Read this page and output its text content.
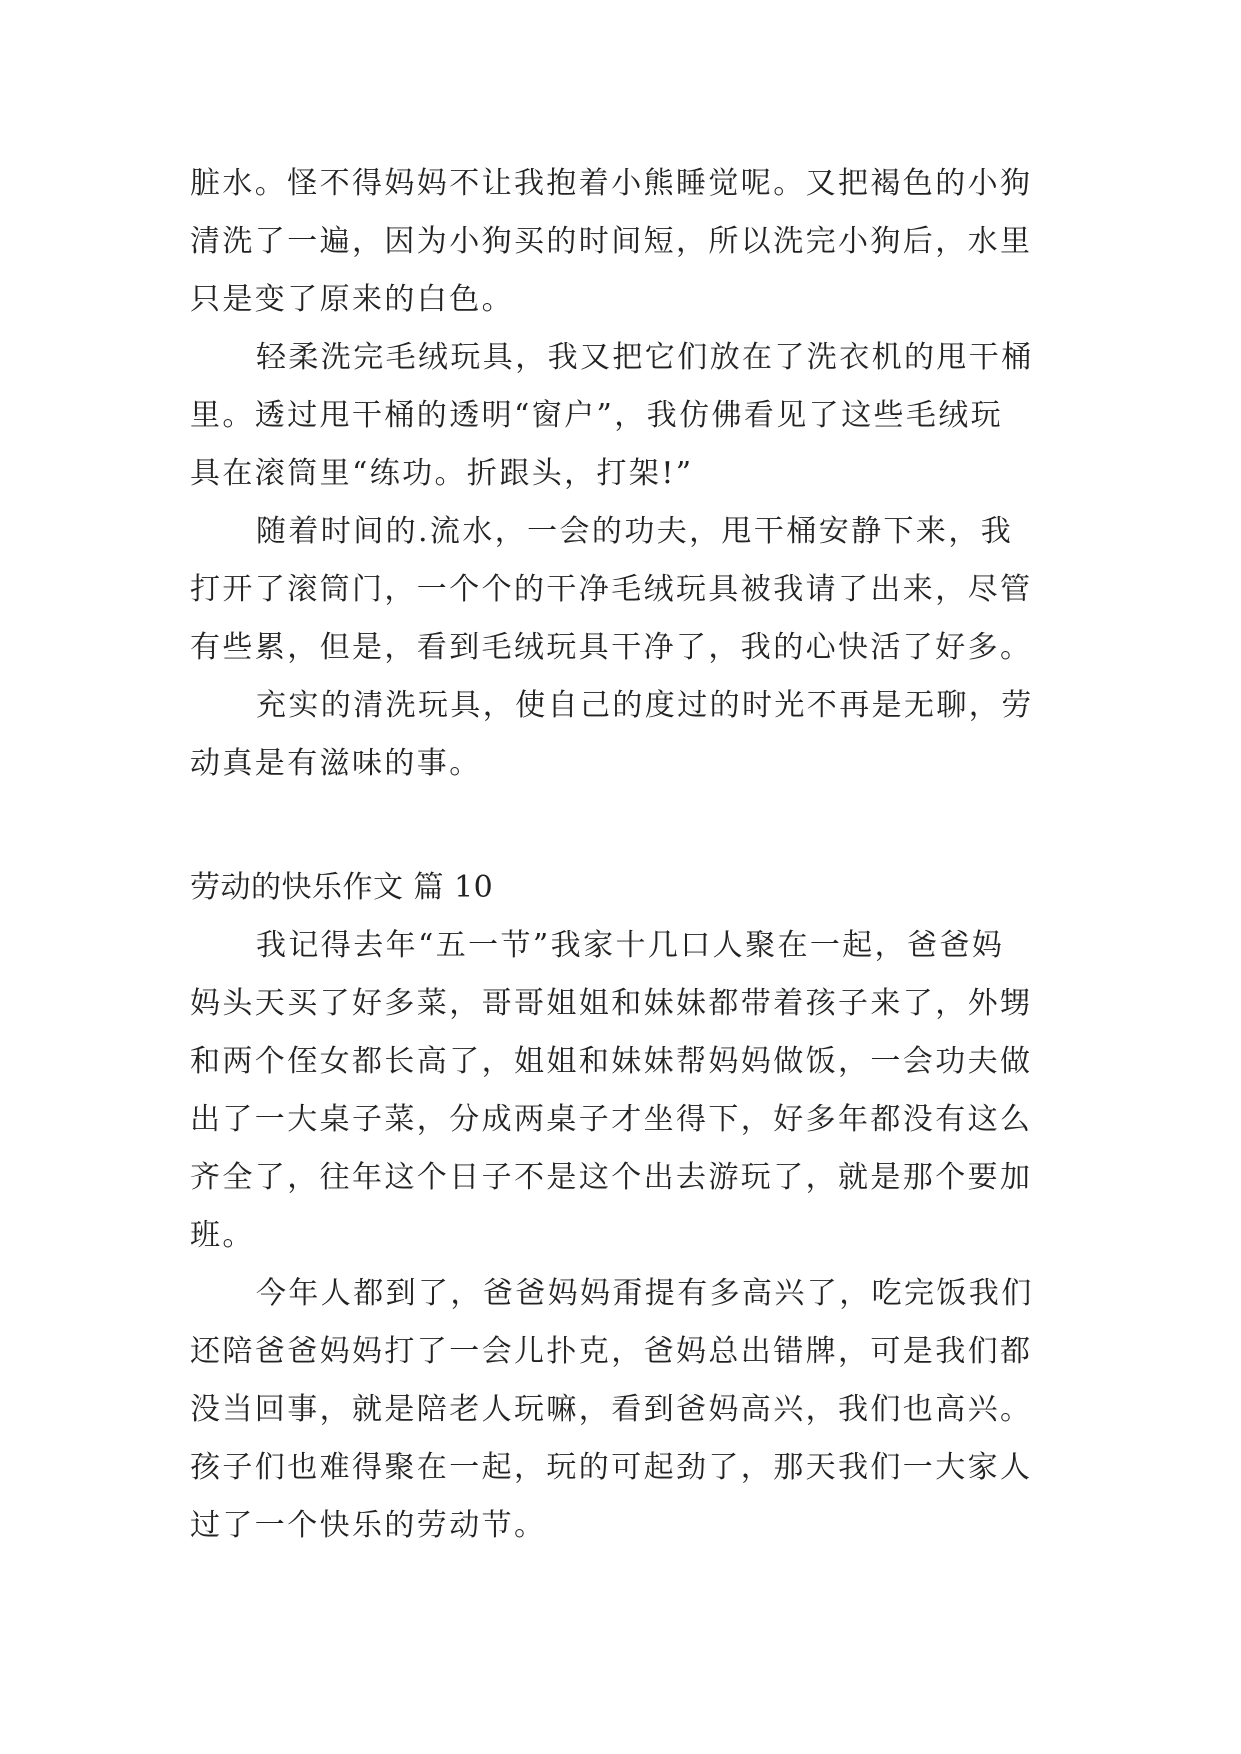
脏水。怪不得妈妈不让我抱着小熊睡觉呢。又把褐色的小狗
清洗了一遍，因为小狗买的时间短，所以洗完小狗后，水里
只是变了原来的白色。
轻柔洗完毛绒玩具，我又把它们放在了洗衣机的甩干桶
里。透过甩干桶的透明“窗户”，我仿佛看见了这些毛绒玩
具在滚筒里“练功。折跟头，打架!”
随着时间的.流水，一会的功夫，甩干桶安静下来，我
打开了滚筒门，一个个的干净毛绒玩具被我请了出来，尽管
有些累，但是，看到毛绒玩具干净了，我的心快活了好多。
充实的清洗玩具，使自己的度过的时光不再是无聊，劳
动真是有滋味的事。
劳动的快乐作文 篇 10
我记得去年“五一节”我家十几口人聚在一起，爸爸妈
妈头天买了好多菜，哥哥姐姐和妹妹都带着孩子来了，外甥
和两个侄女都长高了，姐姐和妹妹帮妈妈做饭，一会功夫做
出了一大桌子菜，分成两桌子才坐得下，好多年都没有这么
齐全了，往年这个日子不是这个出去游玩了，就是那个要加
班。
今年人都到了，爸爸妈妈甭提有多高兴了，吃完饭我们
还陪爸爸妈妈打了一会儿扑克，爸妈总出错牌，可是我们都
没当回事，就是陪老人玩嘛，看到爸妈高兴，我们也高兴。
孩子们也难得聚在一起，玩的可起劲了，那天我们一大家人
过了一个快乐的劳动节。
